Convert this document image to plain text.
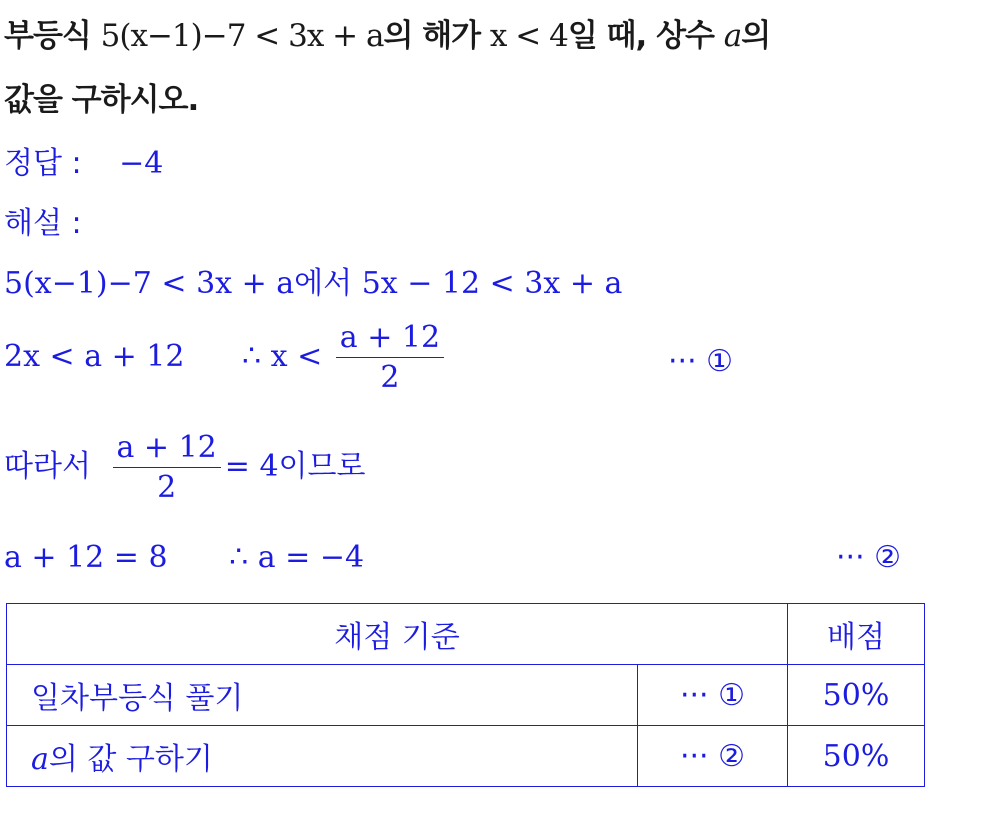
부등식 5(x−1)−7 < 3x + a의 해가 x < 4일 때, 상수 a의
값을 구하시오.
정답 : −4
해설 :
5(x−1)−7 < 3x + a에서 5x − 12 < 3x + a
2x < a + 12 ∴ $x < \frac{a + 12}{2}$	··· ①
따라서 $\frac{a + 12}{2} = 4$이므로
a + 12 = 8 ∴ a = −4	··· ②
채점 기준		배점
일차부등식 풀기	··· ①	50%
a의 값 구하기	··· ②	50%
